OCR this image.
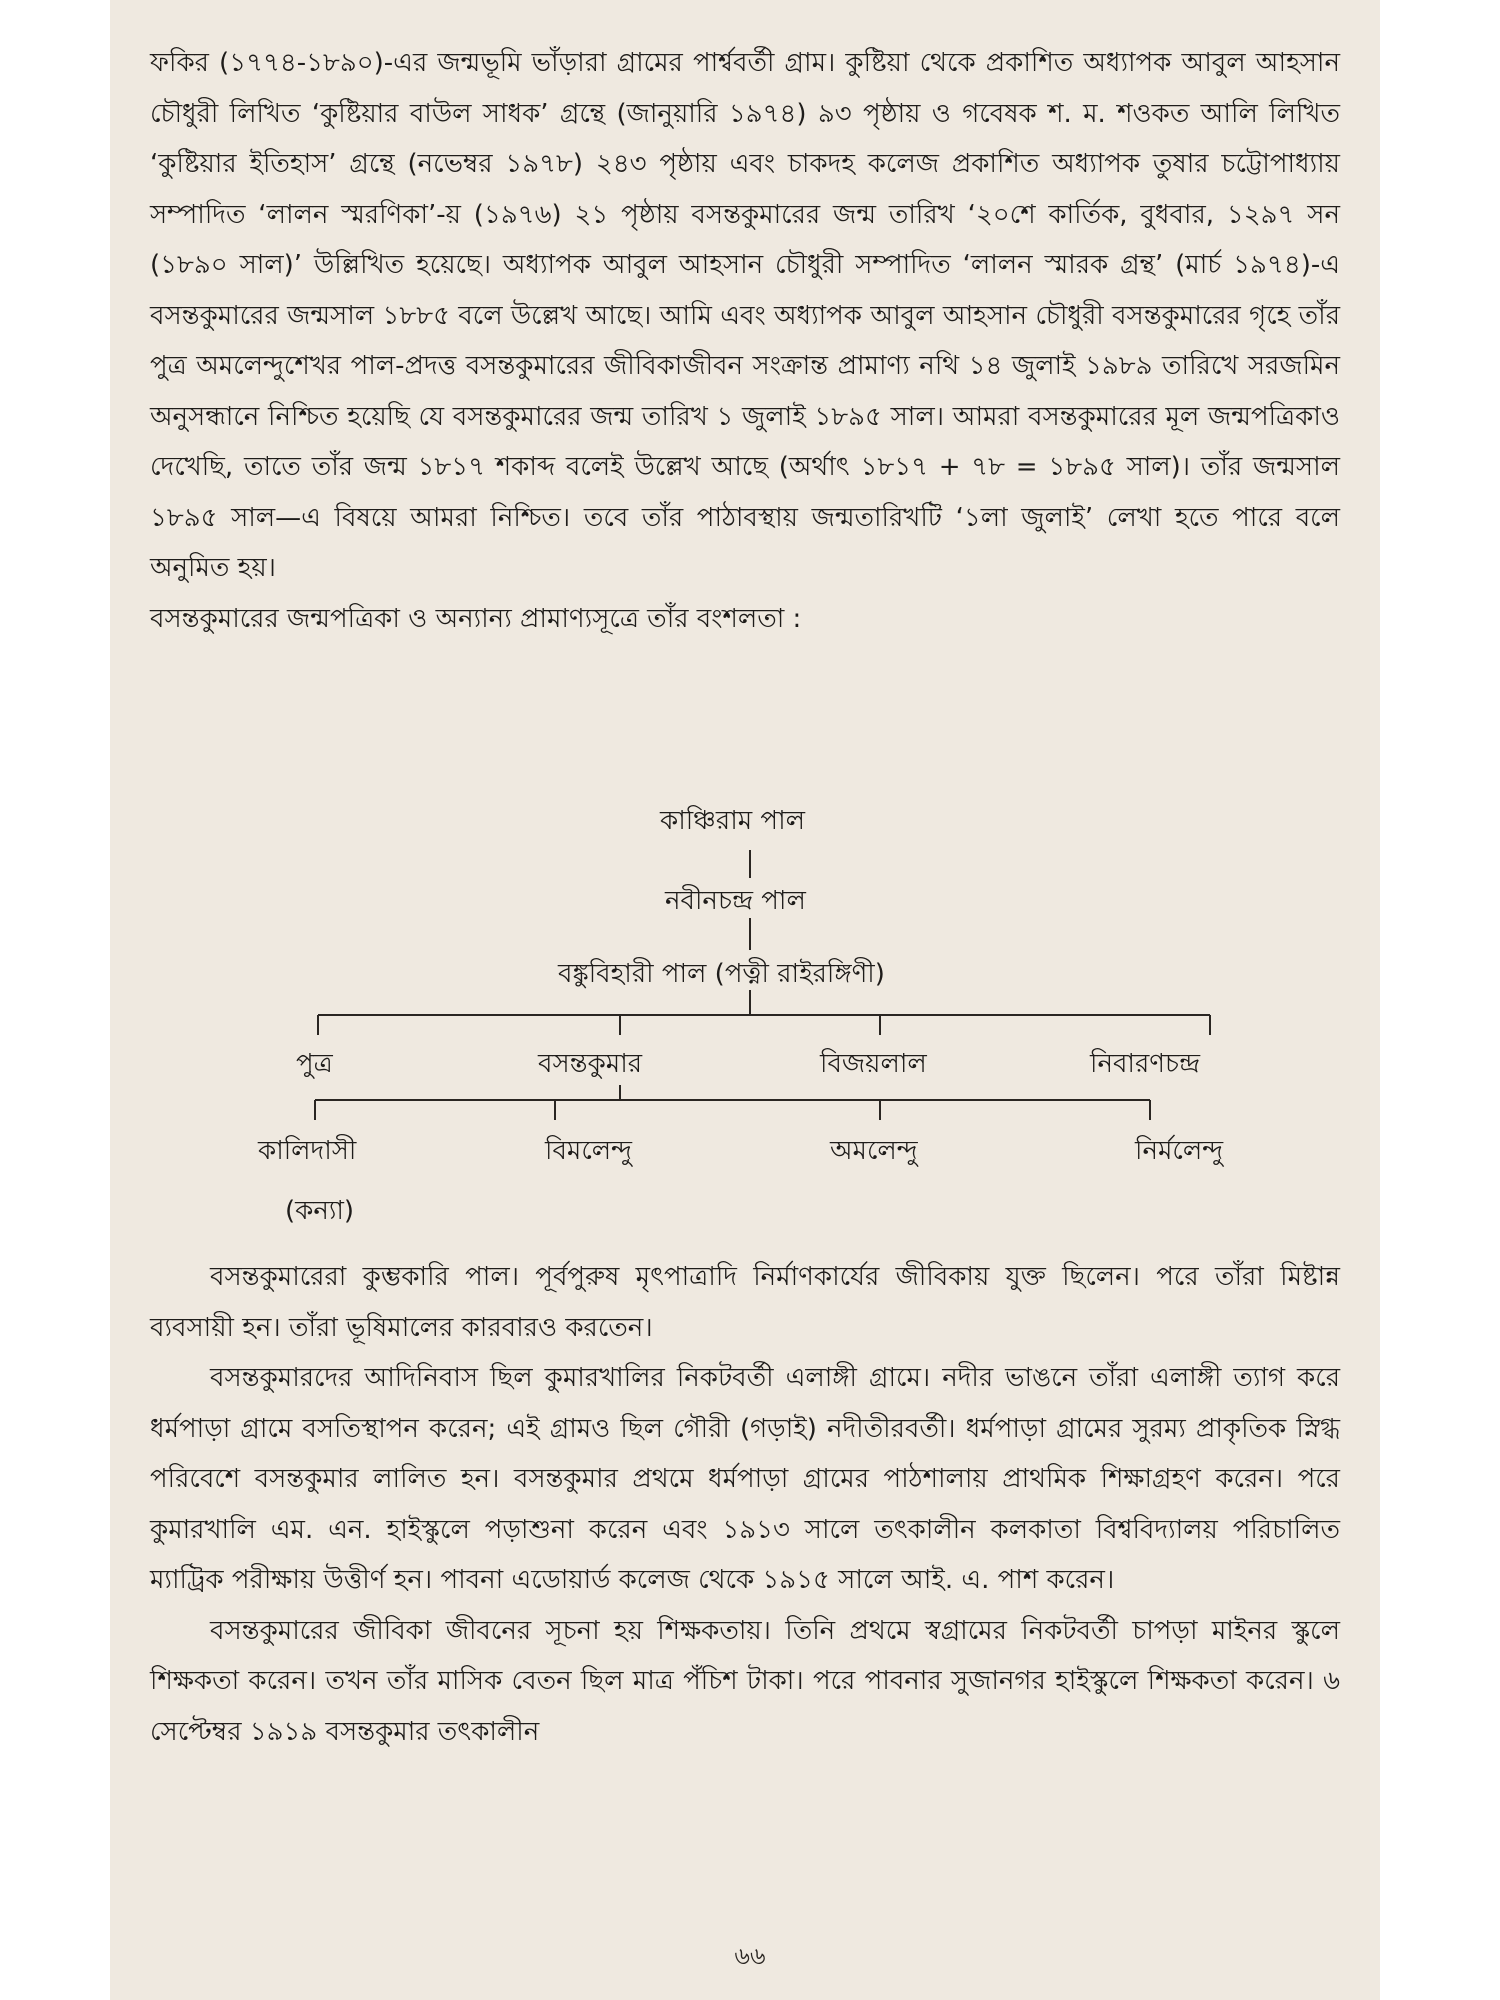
ফকির (১৭৭৪-১৮৯০)-এর জন্মভূমি ভাঁড়ারা গ্রামের পার্শ্ববর্তী গ্রাম। কুষ্টিয়া থেকে প্রকাশিত অধ্যাপক আবুল আহসান চৌধুরী লিখিত ‘কুষ্টিয়ার বাউল সাধক’ গ্রন্থে (জানুয়ারি ১৯৭৪) ৯৩ পৃষ্ঠায় ও গবেষক শ. ম. শওকত আলি লিখিত ‘কুষ্টিয়ার ইতিহাস’ গ্রন্থে (নভেম্বর ১৯৭৮) ২৪৩ পৃষ্ঠায় এবং চাকদহ কলেজ প্রকাশিত অধ্যাপক তুষার চট্টোপাধ্যায় সম্পাদিত ‘লালন স্মরণিকা’-য় (১৯৭৬) ২১ পৃষ্ঠায় বসন্তকুমারের জন্ম তারিখ ‘২০শে কার্তিক, বুধবার, ১২৯৭ সন (১৮৯০ সাল)’ উল্লিখিত হয়েছে। অধ্যাপক আবুল আহসান চৌধুরী সম্পাদিত ‘লালন স্মারক গ্রন্থ’ (মার্চ ১৯৭৪)-এ বসন্তকুমারের জন্মসাল ১৮৮৫ বলে উল্লেখ আছে। আমি এবং অধ্যাপক আবুল আহসান চৌধুরী বসন্তকুমারের গৃহে তাঁর পুত্র অমলেন্দুশেখর পাল-প্রদত্ত বসন্তকুমারের জীবিকাজীবন সংক্রান্ত প্রামাণ্য নথি ১৪ জুলাই ১৯৮৯ তারিখে সরজমিন অনুসন্ধানে নিশ্চিত হয়েছি যে বসন্তকুমারের জন্ম তারিখ ১ জুলাই ১৮৯৫ সাল। আমরা বসন্তকুমারের মূল জন্মপত্রিকাও দেখেছি, তাতে তাঁর জন্ম ১৮১৭ শকাব্দ বলেই উল্লেখ আছে (অর্থাৎ ১৮১৭ + ৭৮ = ১৮৯৫ সাল)। তাঁর জন্মসাল ১৮৯৫ সাল—এ বিষয়ে আমরা নিশ্চিত। তবে তাঁর পাঠাবস্থায় জন্মতারিখটি ‘১লা জুলাই’ লেখা হতে পারে বলে অনুমিত হয়।

বসন্তকুমারের জন্মপত্রিকা ও অন্যান্য প্রামাণ্যসূত্রে তাঁর বংশলতা :

কাঞ্চিরাম পাল
নবীনচন্দ্র পাল
বঙ্কুবিহারী পাল (পত্নী রাইরঙ্গিণী)
পুত্র	বসন্তকুমার	বিজয়লাল	নিবারণচন্দ্র
কালিদাসী	বিমলেন্দু	অমলেন্দু	নির্মলেন্দু
(কন্যা)

বসন্তকুমারেরা কুম্ভকারি পাল। পূর্বপুরুষ মৃৎপাত্রাদি নির্মাণকার্যের জীবিকায় যুক্ত ছিলেন। পরে তাঁরা মিষ্টান্ন ব্যবসায়ী হন। তাঁরা ভূষিমালের কারবারও করতেন।

বসন্তকুমারদের আদিনিবাস ছিল কুমারখালির নিকটবর্তী এলাঙ্গী গ্রামে। নদীর ভাঙনে তাঁরা এলাঙ্গী ত্যাগ করে ধর্মপাড়া গ্রামে বসতিস্থাপন করেন; এই গ্রামও ছিল গৌরী (গড়াই) নদীতীরবর্তী। ধর্মপাড়া গ্রামের সুরম্য প্রাকৃতিক স্নিগ্ধ পরিবেশে বসন্তকুমার লালিত হন। বসন্তকুমার প্রথমে ধর্মপাড়া গ্রামের পাঠশালায় প্রাথমিক শিক্ষাগ্রহণ করেন। পরে কুমারখালি এম. এন. হাইস্কুলে পড়াশুনা করেন এবং ১৯১৩ সালে তৎকালীন কলকাতা বিশ্ববিদ্যালয় পরিচালিত ম্যাট্রিক পরীক্ষায় উত্তীর্ণ হন। পাবনা এডোয়ার্ড কলেজ থেকে ১৯১৫ সালে আই. এ. পাশ করেন।

বসন্তকুমারের জীবিকা জীবনের সূচনা হয় শিক্ষকতায়। তিনি প্রথমে স্বগ্রামের নিকটবর্তী চাপড়া মাইনর স্কুলে শিক্ষকতা করেন। তখন তাঁর মাসিক বেতন ছিল মাত্র পঁচিশ টাকা। পরে পাবনার সুজানগর হাইস্কুলে শিক্ষকতা করেন। ৬ সেপ্টেম্বর ১৯১৯ বসন্তকুমার তৎকালীন

৬৬
